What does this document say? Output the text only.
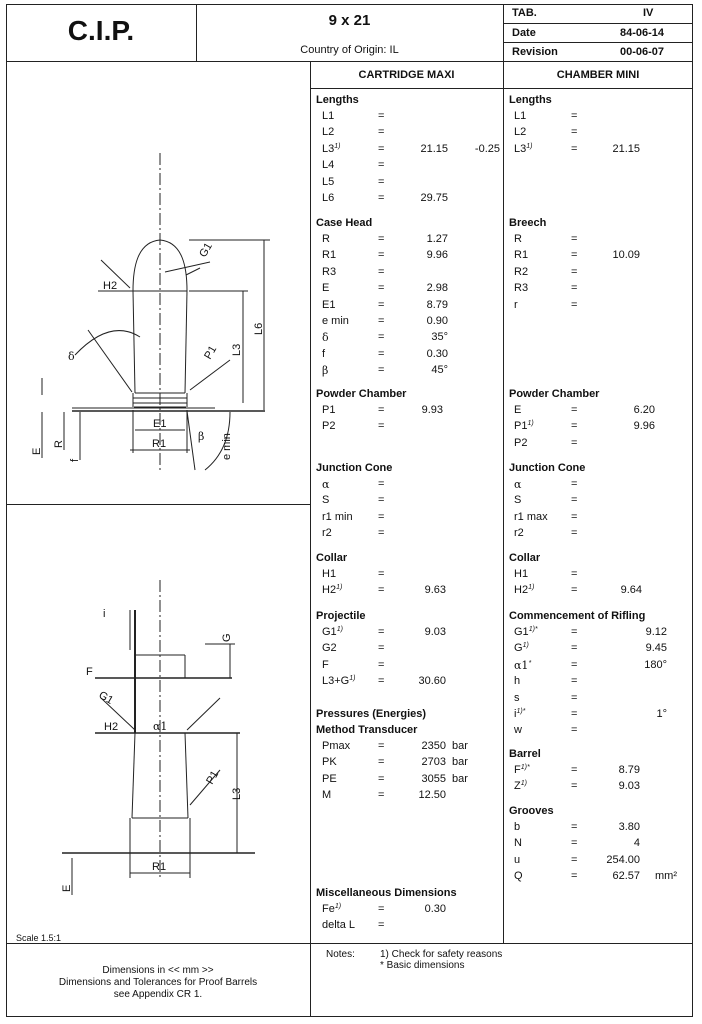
C.I.P.	9 x 21
Country of Origin: IL
TAB.	IV
Date	84-06-14
Revision	00-06-07
CARTRIDGE MAXI	CHAMBER MINI
Lengths
L1	=
L2	=
$L3^{1)}$	=	21.15	-0.25
L4	=
L5	=
L6	=	29.75
Case Head
R	=	1.27
R1	=	9.96
R3	=
E	=	2.98
E1	=	8.79
e min	=	0.90
δ	=	35°
f	=	0.30
β	=	45°
Powder Chamber
P1	=	9.93
P2	=
Junction Cone
α	=
S	=
r1 min =
r2	=
Collar
H1	=
$H2^{1)}$	=	9.63
Projectile
$G1^{1)}$	=	9.03
G2	=
F	=
$L3+G^{1)}$ =	30.60
Pressures (Energies)
Method Transducer
Pmax	=	2350 bar
PK	=	2703 bar
PE	=	3055 bar
M	=	12.50
Miscellaneous Dimensions
$Fe^{1)}$	=	0.30
delta L =
Lengths
L1	=
L2	=
$L3^{1)}$	=	21.15
Breech
R	=
R1	=	10.09
R2	=
R3	=
r	=
Powder Chamber
E	=	6.20
$P1^{1)}$	=	9.96
P2	=
Junction Cone
α	=
S	=
r1 max =
r2	=
Collar
H1	=
$H2^{1)}$	=	9.64
Commencement of Rifling
$G1^{1)*}$	=	9.12
$G^{1)}$	=	9.45
α1*	=	180°
h	=
s	=
$i^{1)*}$	=	1°
w	=
Barrel
$F^{1)*}$	=	8.79
$Z^{1)}$	=	9.03
Grooves
b	=	3.80
N	=	4
u	=	254.00
Q	=	62.57 mm²
G1
H2
L6
L3
δ	P1
E1
R1
β e min
E
R
f
i
G
F
G1
H2	α1
P1
L3
R1
E
Scale 1.5:1
Dimensions in << mm >>
Dimensions and Tolerances for Proof Barrels
see Appendix CR 1.
Notes:	1) Check for safety reasons
* Basic dimensions
